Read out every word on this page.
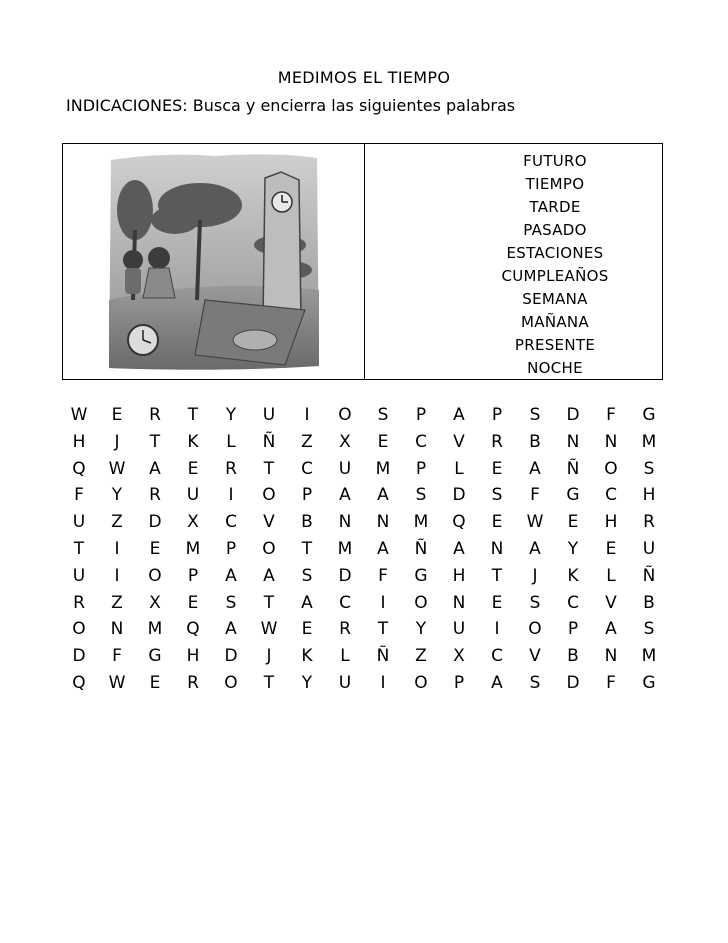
MEDIMOS EL TIEMPO
INDICACIONES: Busca y encierra las siguientes palabras
FUTURO
TIEMPO
TARDE
PASADO
ESTACIONES
CUMPLEAÑOS
SEMANA
MAÑANA
PRESENTE
NOCHE
W	E	R	T	Y	U	I	O	S	P	A	P	S	D	F	G
H	J	T	K	L	Ñ	Z	X	E	C	V	R	B	N	N	M
Q	W	A	E	R	T	C	U	M	P	L	E	A	Ñ	O	S
F	Y	R	U	I	O	P	A	A	S	D	S	F	G	C	H
U	Z	D	X	C	V	B	N	N	M	Q	E	W	E	H	R
T	I	E	M	P	O	T	M	A	Ñ	A	N	A	Y	E	U
U	I	O	P	A	A	S	D	F	G	H	T	J	K	L	Ñ
R	Z	X	E	S	T	A	C	I	O	N	E	S	C	V	B
O	N	M	Q	A	W	E	R	T	Y	U	I	O	P	A	S
D	F	G	H	D	J	K	L	Ñ	Z	X	C	V	B	N	M
Q	W	E	R	O	T	Y	U	I	O	P	A	S	D	F	G
